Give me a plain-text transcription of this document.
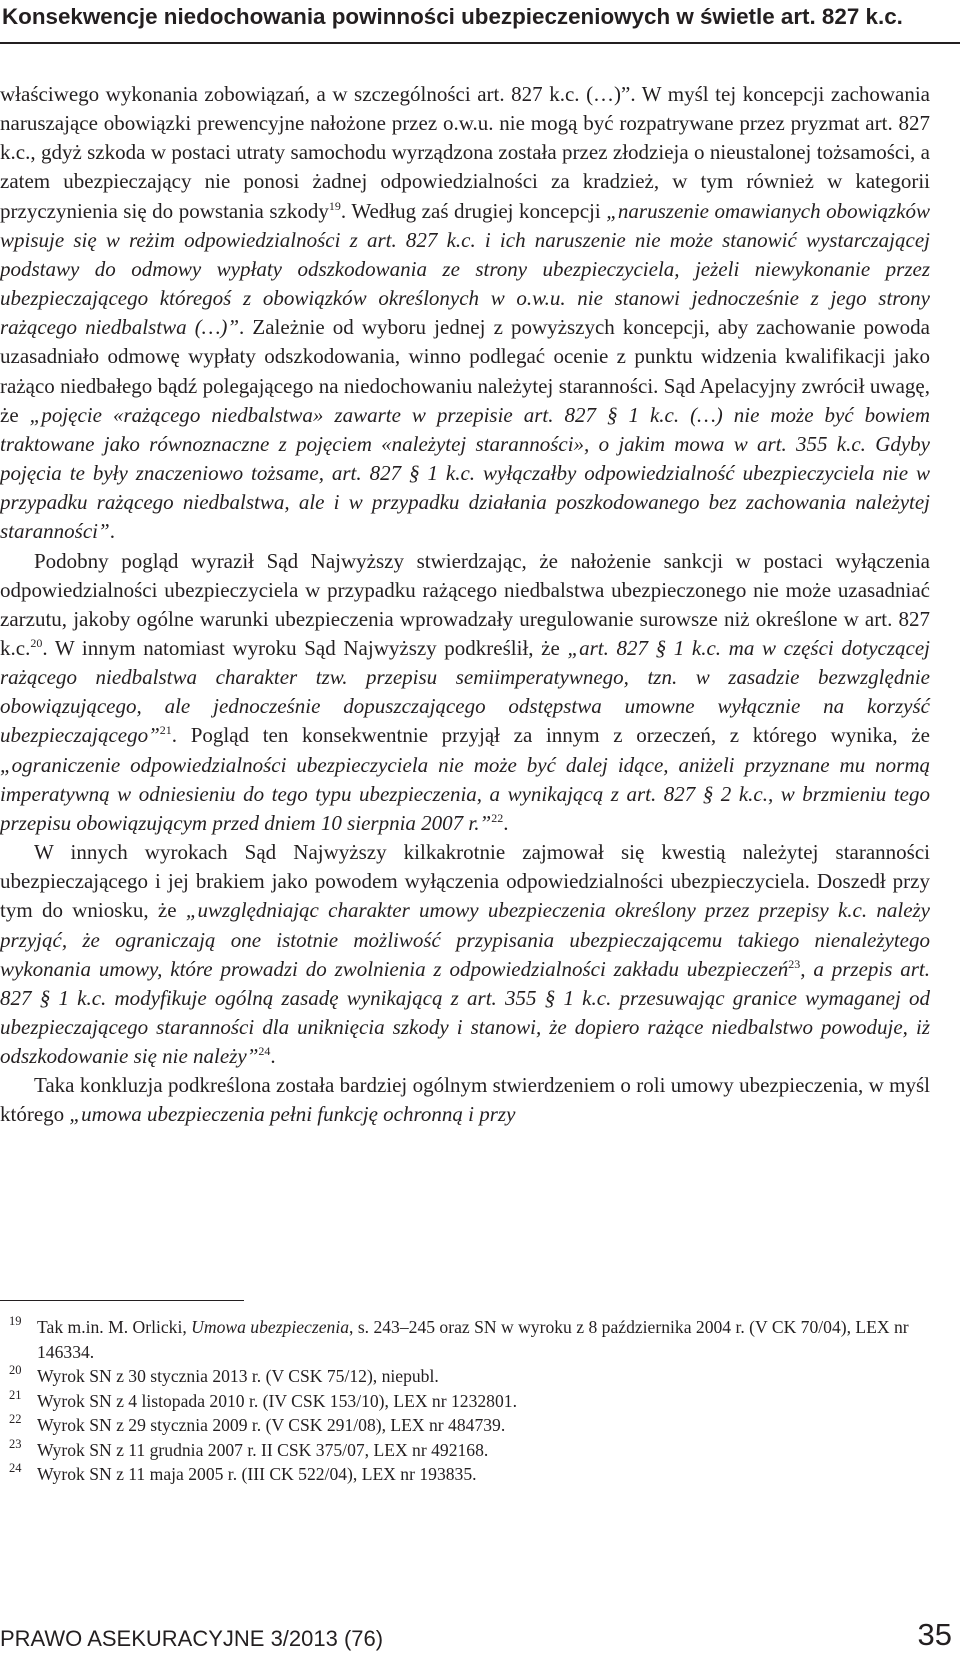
Konsekwencje niedochowania powinności ubezpieczeniowych w świetle art. 827 k.c.

właściwego wykonania zobowiązań, a w szczególności art. 827 k.c. (…)”. W myśl tej koncepcji zachowania naruszające obowiązki prewencyjne nałożone przez o.w.u. nie mogą być rozpatrywane przez pryzmat art. 827 k.c., gdyż szkoda w postaci utraty samochodu wyrządzona została przez złodzieja o nieustalonej tożsamości, a zatem ubezpieczający nie ponosi żadnej odpowiedzialności za kradzież, w tym również w kategorii przyczynienia się do powstania szkody$^{19}$. Według zaś drugiej koncepcji „naruszenie omawianych obowiązków wpisuje się w reżim odpowiedzialności z art. 827 k.c. i ich naruszenie nie może stanowić wystarczającej podstawy do odmowy wypłaty odszkodowania ze strony ubezpieczyciela, jeżeli niewykonanie przez ubezpieczającego któregoś z obowiązków określonych w o.w.u. nie stanowi jednocześnie z jego strony rażącego niedbalstwa (…)”. Zależnie od wyboru jednej z powyższych koncepcji, aby zachowanie powoda uzasadniało odmowę wypłaty odszkodowania, winno podlegać ocenie z punktu widzenia kwalifikacji jako rażąco niedbałego bądź polegającego na niedochowaniu należytej staranności. Sąd Apelacyjny zwrócił uwagę, że „pojęcie «rażącego niedbalstwa» zawarte w przepisie art. 827 § 1 k.c. (…) nie może być bowiem traktowane jako równoznaczne z pojęciem «należytej staranności», o jakim mowa w art. 355 k.c. Gdyby pojęcia te były znaczeniowo tożsame, art. 827 § 1 k.c. wyłączałby odpowiedzialność ubezpieczyciela nie w przypadku rażącego niedbalstwa, ale i w przypadku działania poszkodowanego bez zachowania należytej staranności”.

Podobny pogląd wyraził Sąd Najwyższy stwierdzając, że nałożenie sankcji w postaci wyłączenia odpowiedzialności ubezpieczyciela w przypadku rażącego niedbalstwa ubezpieczonego nie może uzasadniać zarzutu, jakoby ogólne warunki ubezpieczenia wprowadzały uregulowanie surowsze niż określone w art. 827 k.c.$^{20}$. W innym natomiast wyroku Sąd Najwyższy podkreślił, że „art. 827 § 1 k.c. ma w części dotyczącej rażącego niedbalstwa charakter tzw. przepisu semiimperatywnego, tzn. w zasadzie bezwzględnie obowiązującego, ale jednocześnie dopuszczającego odstępstwa umowne wyłącznie na korzyść ubezpieczającego”$^{21}$. Pogląd ten konsekwentnie przyjął za innym z orzeczeń, z którego wynika, że „ograniczenie odpowiedzialności ubezpieczyciela nie może być dalej idące, aniżeli przyznane mu normą imperatywną w odniesieniu do tego typu ubezpieczenia, a wynikającą z art. 827 § 2 k.c., w brzmieniu tego przepisu obowiązującym przed dniem 10 sierpnia 2007 r.”$^{22}$.

W innych wyrokach Sąd Najwyższy kilkakrotnie zajmował się kwestią należytej staranności ubezpieczającego i jej brakiem jako powodem wyłączenia odpowiedzialności ubezpieczyciela. Doszedł przy tym do wniosku, że „uwzględniając charakter umowy ubezpieczenia określony przez przepisy k.c. należy przyjąć, że ograniczają one istotnie możliwość przypisania ubezpieczającemu takiego nienależytego wykonania umowy, które prowadzi do zwolnienia z odpowiedzialności zakładu ubezpieczeń$^{23}$, a przepis art. 827 § 1 k.c. modyfikuje ogólną zasadę wynikającą z art. 355 § 1 k.c. przesuwając granice wymaganej od ubezpieczającego staranności dla uniknięcia szkody i stanowi, że dopiero rażące niedbalstwo powoduje, iż odszkodowanie się nie należy”$^{24}$.

Taka konkluzja podkreślona została bardziej ogólnym stwierdzeniem o roli umowy ubezpieczenia, w myśl którego „umowa ubezpieczenia pełni funkcję ochronną i przy

19 Tak m.in. M. Orlicki, Umowa ubezpieczenia, s. 243–245 oraz SN w wyroku z 8 października 2004 r. (V CK 70/04), LEX nr 146334.
20 Wyrok SN z 30 stycznia 2013 r. (V CSK 75/12), niepubl.
21 Wyrok SN z 4 listopada 2010 r. (IV CSK 153/10), LEX nr 1232801.
22 Wyrok SN z 29 stycznia 2009 r. (V CSK 291/08), LEX nr 484739.
23 Wyrok SN z 11 grudnia 2007 r. II CSK 375/07, LEX nr 492168.
24 Wyrok SN z 11 maja 2005 r. (III CK 522/04), LEX nr 193835.
PRAWO ASEKURACYJNE 3/2013 (76)	35
